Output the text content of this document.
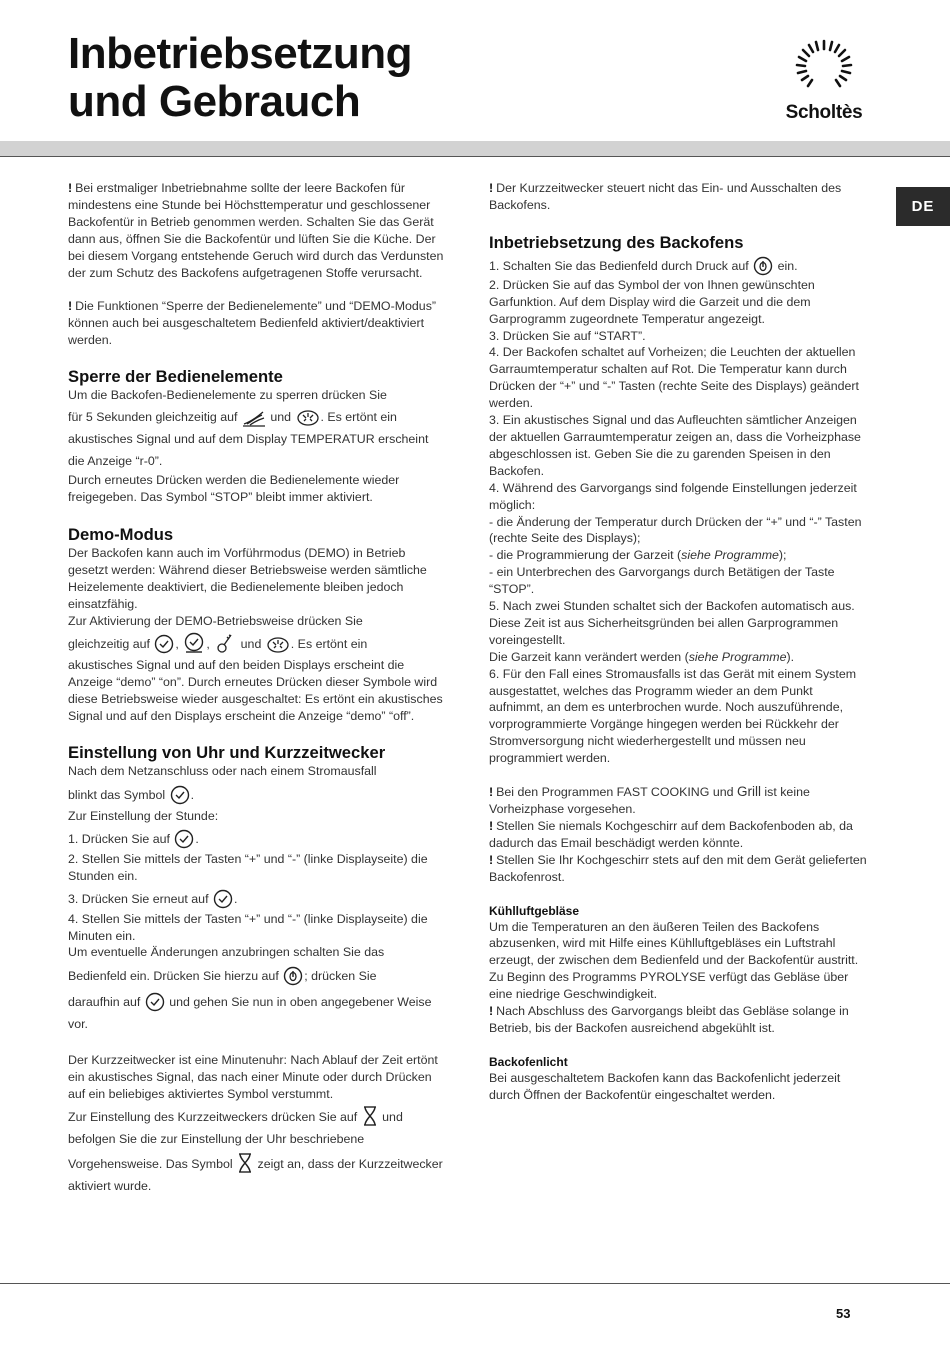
Inbetriebsetzung
und Gebrauch	Scholtès
DE

! Bei erstmaliger Inbetriebnahme sollte der leere Backofen für mindestens eine Stunde bei Höchsttemperatur und geschlossener Backofentür in Betrieb genommen werden. Schalten Sie das Gerät dann aus, öffnen Sie die Backofentür und lüften Sie die Küche. Der bei diesem Vorgang entstehende Geruch wird durch das Verdunsten der zum Schutz des Backofens aufgetragenen Stoffe verursacht.

! Die Funktionen “Sperre der Bedienelemente” und “DEMO-Modus” können auch bei ausgeschaltetem Bedienfeld aktiviert/deaktiviert werden.

Sperre der Bedienelemente

Um die Backofen-Bedienelemente zu sperren drücken Sie

für 5 Sekunden gleichzeitig auf	und . Es ertönt ein akustisches Signal und auf dem Display TEMPERATUR erscheint die Anzeige “r-0”.

Durch erneutes Drücken werden die Bedienelemente wieder freigegeben. Das Symbol “STOP” bleibt immer aktiviert.

Demo-Modus

Der Backofen kann auch im Vorführmodus (DEMO) in Betrieb gesetzt werden: Während dieser Betriebsweise werden sämtliche Heizelemente deaktiviert, die Bedienelemente bleiben jedoch einsatzfähig.

Zur Aktivierung der DEMO-Betriebsweise drücken Sie

gleichzeitig auf , ,  und . Es ertönt ein

akustisches Signal und auf den beiden Displays erscheint die Anzeige “demo” “on”. Durch erneutes Drücken dieser Symbole wird diese Betriebsweise wieder ausgeschaltet: Es ertönt ein akustisches Signal und auf den Displays erscheint die Anzeige “demo” “off”.

Einstellung von Uhr und Kurzzeitwecker

Nach dem Netzanschluss oder nach einem Stromausfall

blinkt das Symbol .

Zur Einstellung der Stunde:

1. Drücken Sie auf .

2. Stellen Sie mittels der Tasten “+” und “-” (linke Displayseite) die Stunden ein.

3. Drücken Sie erneut auf .

4. Stellen Sie mittels der Tasten “+” und “-” (linke Displayseite) die Minuten ein.

Um eventuelle Änderungen anzubringen schalten Sie das

Bedienfeld ein. Drücken Sie hierzu auf ; drücken Sie

daraufhin auf und gehen Sie nun in oben angegebener Weise vor.

Der Kurzzeitwecker ist eine Minutenuhr: Nach Ablauf der Zeit ertönt ein akustisches Signal, das nach einer Minute oder durch Drücken auf ein beliebiges aktiviertes Symbol verstummt.

Zur Einstellung des Kurzzeitweckers drücken Sie auf und befolgen Sie die zur Einstellung der Uhr beschriebene

Vorgehensweise. Das Symbol zeigt an, dass der Kurzzeitwecker aktiviert wurde.

! Der Kurzzeitwecker steuert nicht das Ein- und Ausschalten des Backofens.

Inbetriebsetzung des Backofens

1. Schalten Sie das Bedienfeld durch Druck auf ein.

2. Drücken Sie auf das Symbol der von Ihnen gewünschten Garfunktion. Auf dem Display wird die Garzeit und die dem Garprogramm zugeordnete Temperatur angezeigt.

3. Drücken Sie auf “START”.

4. Der Backofen schaltet auf Vorheizen; die Leuchten der aktuellen Garraumtemperatur schalten auf Rot. Die Temperatur kann durch Drücken der “+” und “-” Tasten (rechte Seite des Displays) geändert werden.

3. Ein akustisches Signal und das Aufleuchten sämtlicher Anzeigen der aktuellen Garraumtemperatur zeigen an, dass die Vorheizphase abgeschlossen ist. Geben Sie die zu garenden Speisen in den Backofen.

4. Während des Garvorgangs sind folgende Einstellungen jederzeit möglich:

- die Änderung der Temperatur durch Drücken der “+” und “-” Tasten (rechte Seite des Displays);

- die Programmierung der Garzeit (siehe Programme);

- ein Unterbrechen des Garvorgangs durch Betätigen der Taste “STOP”.

5. Nach zwei Stunden schaltet sich der Backofen automatisch aus. Diese Zeit ist aus Sicherheitsgründen bei allen Garprogrammen voreingestellt.

Die Garzeit kann verändert werden (siehe Programme).

6. Für den Fall eines Stromausfalls ist das Gerät mit einem System ausgestattet, welches das Programm wieder an dem Punkt aufnimmt, an dem es unterbrochen wurde. Noch auszuführende, vorprogrammierte Vorgänge hingegen werden bei Rückkehr der Stromversorgung nicht wiederhergestellt und müssen neu programmiert werden.

! Bei den Programmen FAST COOKING und Grill ist keine Vorheizphase vorgesehen.

! Stellen Sie niemals Kochgeschirr auf dem Backofenboden ab, da dadurch das Email beschädigt werden könnte.

! Stellen Sie Ihr Kochgeschirr stets auf den mit dem Gerät gelieferten Backofenrost.

Kühlluftgebläse

Um die Temperaturen an den äußeren Teilen des Backofens abzusenken, wird mit Hilfe eines Kühlluftgebläses ein Luftstrahl erzeugt, der zwischen dem Bedienfeld und der Backofentür austritt. Zu Beginn des Programms PYROLYSE verfügt das Gebläse über eine niedrige Geschwindigkeit.

! Nach Abschluss des Garvorgangs bleibt das Gebläse solange in Betrieb, bis der Backofen ausreichend abgekühlt ist.

Backofenlicht

Bei ausgeschaltetem Backofen kann das Backofenlicht jederzeit durch Öffnen der Backofentür eingeschaltet werden.

53
